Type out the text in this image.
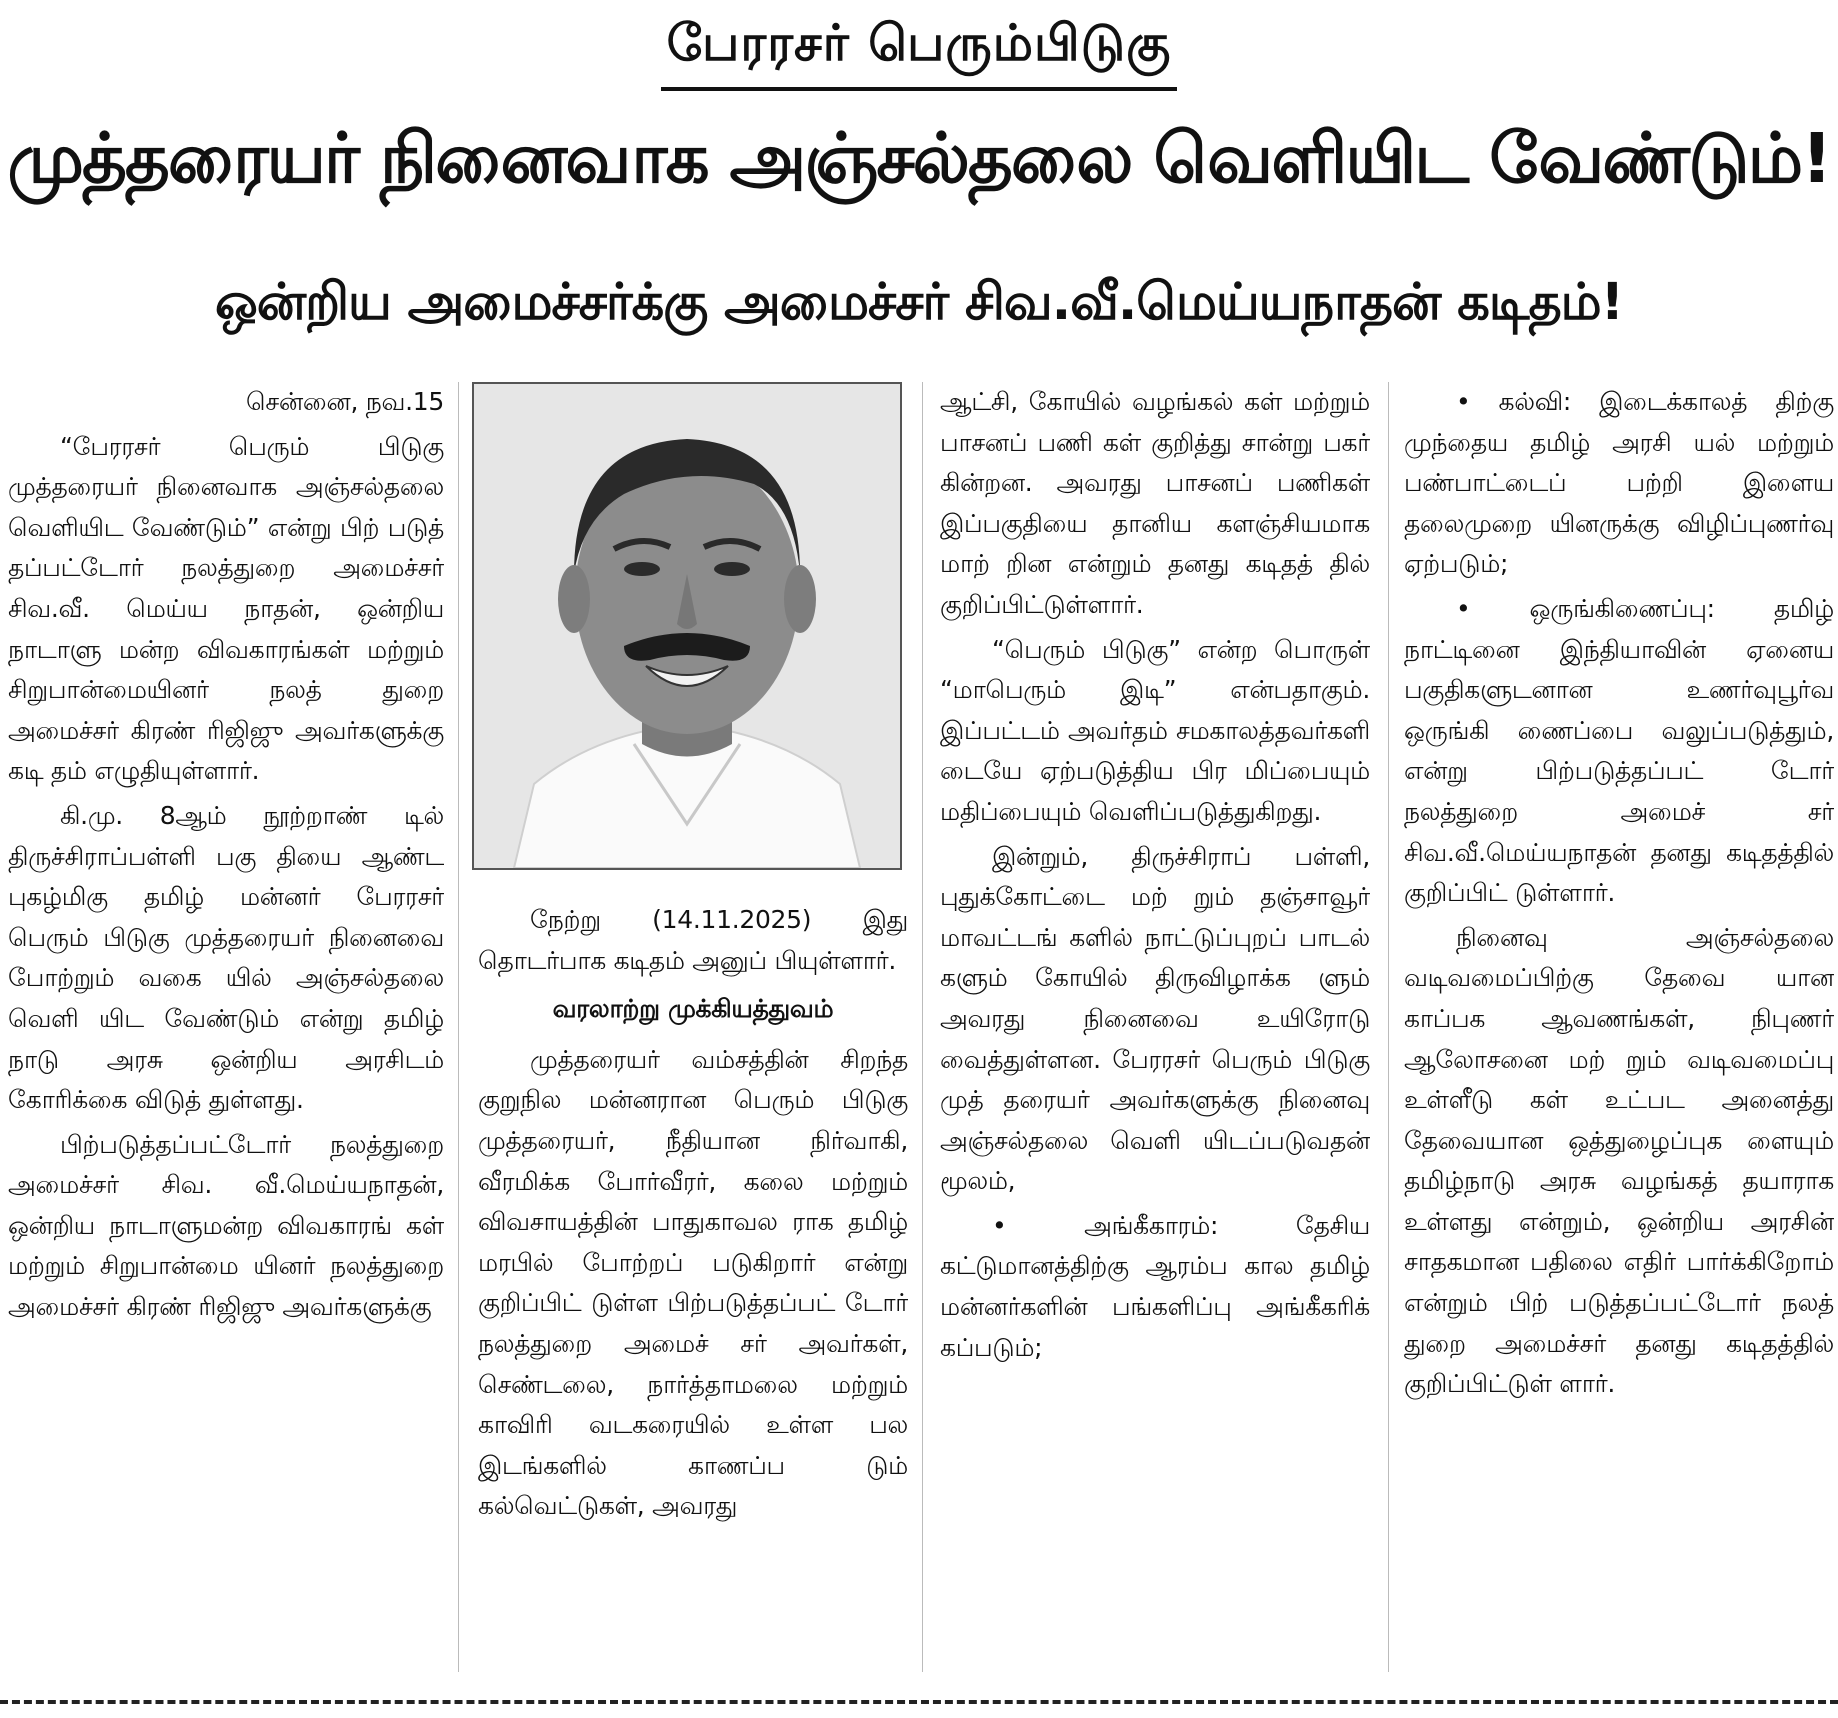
பேரரசர் பெரும்பிடுகு
முத்தரையர் நினைவாக அஞ்சல்தலை வெளியிட வேண்டும்!
ஒன்றிய அமைச்சர்க்கு அமைச்சர் சிவ.வீ.மெய்யநாதன் கடிதம்!

சென்னை, நவ.15

“பேரரசர் பெரும் பிடுகு முத்தரையர் நினைவாக அஞ்சல்தலை வெளியிட வேண்டும்” என்று பிற் படுத் தப்பட்டோர் நலத்துறை அமைச்சர் சிவ.வீ. மெய்ய நாதன், ஒன்றிய நாடாளு மன்ற விவகாரங்கள் மற்றும் சிறுபான்மையினர் நலத் துறை அமைச்சர் கிரண் ரிஜிஜு அவர்களுக்கு கடி தம் எழுதியுள்ளார்.

கி.மு. 8ஆம் நூற்றாண் டில் திருச்சிராப்பள்ளி பகு தியை ஆண்ட புகழ்மிகு தமிழ் மன்னர் பேரரசர் பெரும் பிடுகு முத்தரையர் நினைவை போற்றும் வகை யில் அஞ்சல்தலை வெளி யிட வேண்டும் என்று தமிழ் நாடு அரசு ஒன்றிய அரசிடம் கோரிக்கை விடுத் துள்ளது.

பிற்படுத்தப்பட்டோர் நலத்துறை அமைச்சர் சிவ. வீ.மெய்யநாதன், ஒன்றிய நாடாளுமன்ற விவகாரங் கள் மற்றும் சிறுபான்மை யினர் நலத்துறை அமைச்சர் கிரண் ரிஜிஜு அவர்களுக்கு

நேற்று (14.11.2025) இது தொடர்பாக கடிதம் அனுப் பியுள்ளார்.

வரலாற்று முக்கியத்துவம்

முத்தரையர் வம்சத்தின் சிறந்த குறுநில மன்னரான பெரும் பிடுகு முத்தரையர், நீதியான நிர்வாகி, வீரமிக்க போர்வீரர், கலை மற்றும் விவசாயத்தின் பாதுகாவல ராக தமிழ் மரபில் போற்றப் படுகிறார் என்று குறிப்பிட் டுள்ள பிற்படுத்தப்பட் டோர் நலத்துறை அமைச் சர் அவர்கள், செண்டலை, நார்த்தாமலை மற்றும் காவிரி வடகரையில் உள்ள பல இடங்களில் காணப்ப டும் கல்வெட்டுகள், அவரது

ஆட்சி, கோயில் வழங்கல் கள் மற்றும் பாசனப் பணி கள் குறித்து சான்று பகர் கின்றன. அவரது பாசனப் பணிகள் இப்பகுதியை தானிய களஞ்சியமாக மாற் றின என்றும் தனது கடிதத் தில் குறிப்பிட்டுள்ளார்.

“பெரும் பிடுகு” என்ற பொருள் “மாபெரும் இடி” என்பதாகும். இப்பட்டம் அவர்தம் சமகாலத்தவர்களி டையே ஏற்படுத்திய பிர மிப்பையும் மதிப்பையும் வெளிப்படுத்துகிறது.

இன்றும், திருச்சிராப் பள்ளி, புதுக்கோட்டை மற் றும் தஞ்சாவூர் மாவட்டங் களில் நாட்டுப்புறப் பாடல் களும் கோயில் திருவிழாக்க ளும் அவரது நினைவை உயிரோடு வைத்துள்ளன. பேரரசர் பெரும் பிடுகு முத் தரையர் அவர்களுக்கு நினைவு அஞ்சல்தலை வெளி யிடப்படுவதன் மூலம்,

• அங்கீகாரம்: தேசிய கட்டுமானத்திற்கு ஆரம்ப கால தமிழ் மன்னர்களின் பங்களிப்பு அங்கீகரிக் கப்படும்;

• கல்வி: இடைக்காலத் திற்கு முந்தைய தமிழ் அரசி யல் மற்றும் பண்பாட்டைப் பற்றி இளைய தலைமுறை யினருக்கு விழிப்புணர்வு ஏற்படும்;

• ஒருங்கிணைப்பு: தமிழ் நாட்டினை இந்தியாவின் ஏனைய பகுதிகளுடனான உணர்வுபூர்வ ஒருங்கி ணைப்பை வலுப்படுத்தும், என்று பிற்படுத்தப்பட் டோர் நலத்துறை அமைச் சர் சிவ.வீ.மெய்யநாதன் தனது கடிதத்தில் குறிப்பிட் டுள்ளார்.

நினைவு அஞ்சல்தலை வடிவமைப்பிற்கு தேவை யான காப்பக ஆவணங்கள், நிபுணர் ஆலோசனை மற் றும் வடிவமைப்பு உள்ளீடு கள் உட்பட அனைத்து தேவையான ஒத்துழைப்புக ளையும் தமிழ்நாடு அரசு வழங்கத் தயாராக உள்ளது என்றும், ஒன்றிய அரசின் சாதகமான பதிலை எதிர் பார்க்கிறோம் என்றும் பிற் படுத்தப்பட்டோர் நலத் துறை அமைச்சர் தனது கடிதத்தில் குறிப்பிட்டுள் ளார்.
